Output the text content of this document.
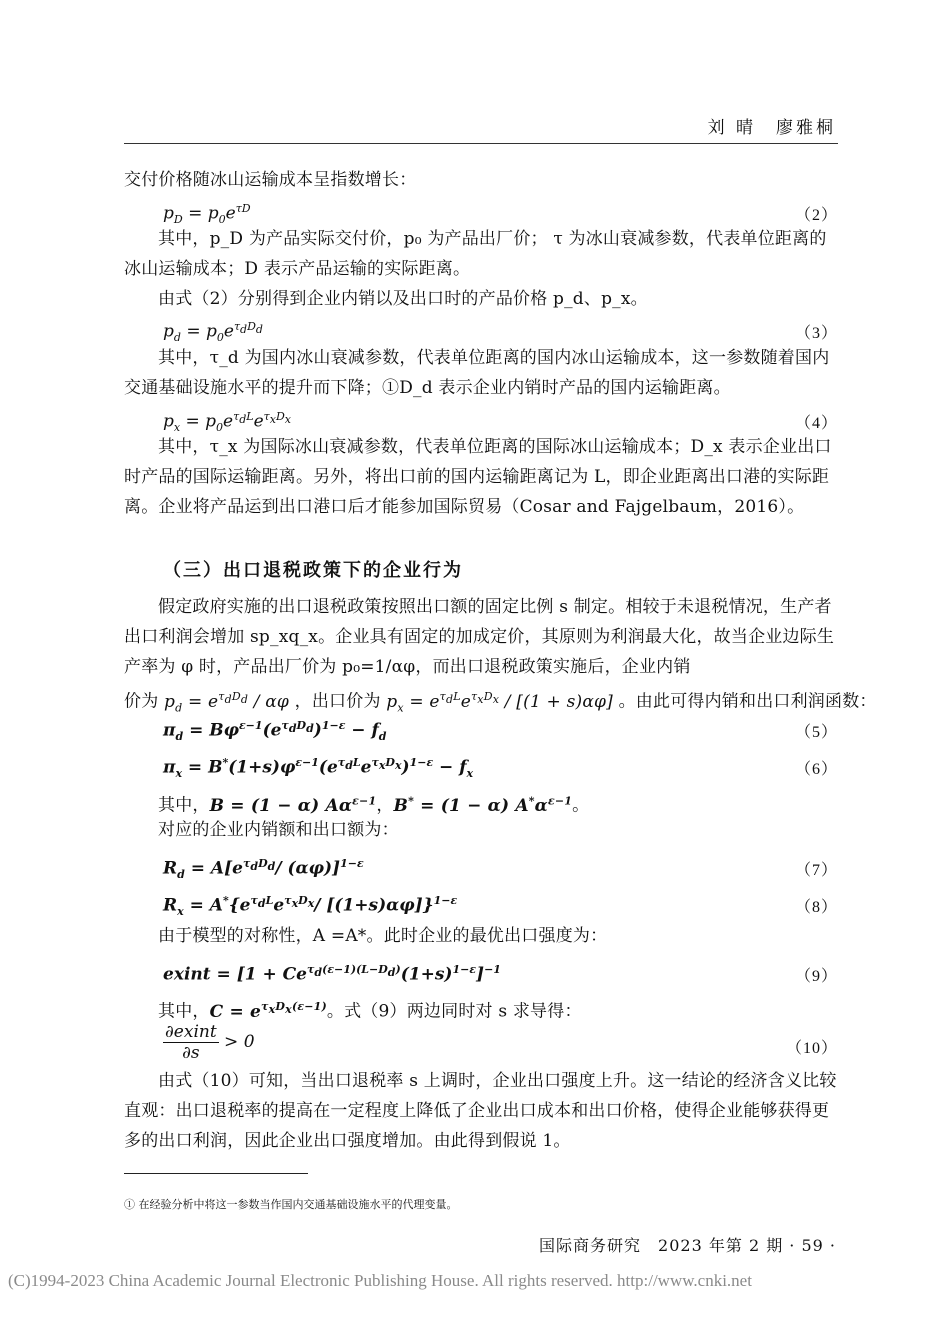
刘 晴　廖雅桐
交付价格随冰山运输成本呈指数增长：
$p_D = p_0e^{\tau D}$	（2）
其中，p_D 为产品实际交付价，p₀ 为产品出厂价； τ 为冰山衰减参数，代表单位距离的冰山运输成本；D 表示产品运输的实际距离。
由式（2）分别得到企业内销以及出口时的产品价格 p_d、p_x。
$p_d = p_0e^{\tau_dD_d}$	（3）
其中，τ_d 为国内冰山衰减参数，代表单位距离的国内冰山运输成本，这一参数随着国内交通基础设施水平的提升而下降；①D_d 表示企业内销时产品的国内运输距离。
$p_x = p_0e^{\tau_dL}e^{\tau_xD_x}$	（4）
其中，τ_x 为国际冰山衰减参数，代表单位距离的国际冰山运输成本；D_x 表示企业出口时产品的国际运输距离。另外，将出口前的国内运输距离记为 L，即企业距离出口港的实际距离。企业将产品运到出口港口后才能参加国际贸易（Cosar and Fajgelbaum，2016）。
（三）出口退税政策下的企业行为
假定政府实施的出口退税政策按照出口额的固定比例 s 制定。相较于未退税情况，生产者出口利润会增加 sp_xq_x。企业具有固定的加成定价，其原则为利润最大化，故当企业边际生产率为 φ 时，产品出厂价为 p₀=1/αφ，而出口退税政策实施后，企业内销
价为 $p_d = e^{\tau_dD_d} / \alpha\varphi$ ，出口价为 $p_x = e^{\tau_dL}e^{\tau_xD_x} / [(1 + s)\alpha\varphi]$ 。由此可得内销和出口利润函数：
$\pi_d = B\varphi^{\varepsilon-1}(e^{\tau_dD_d})^{1-\varepsilon} - f_d$	（5）
$\pi_x = B^*(1+s)\varphi^{\varepsilon-1}(e^{\tau_dL}e^{\tau_xD_x})^{1-\varepsilon} - f_x$	（6）
其中，B = (1 − α) $A\alpha^{\varepsilon-1}$，B* = (1 − α) $A^*\alpha^{\varepsilon-1}$。
对应的企业内销额和出口额为：
$R_d = A[e^{\tau_dD_d}/$ (αφ)]$^{1-\varepsilon}$	（7）
$R_x = A^*\{e^{\tau_dL}e^{\tau_xD_x}/$ [(1+s)αφ]}$^{1-\varepsilon}$	（8）
由于模型的对称性，A =A*。此时企业的最优出口强度为：
exint = $[1 + Ce^{\tau_d(\varepsilon-1)(L-D_d)}(1+s)^{1-\varepsilon}]^{-1}$	（9）
其中，$C = e^{\tau_xD_x(\varepsilon-1)}$。式（9）两边同时对 s 求导得：
$\frac{\text{∂exint}}{\partial s} > 0$	（10）
由式（10）可知，当出口退税率 s 上调时，企业出口强度上升。这一结论的经济含义比较直观：出口退税率的提高在一定程度上降低了企业出口成本和出口价格，使得企业能够获得更多的出口利润，因此企业出口强度增加。由此得到假说 1。
① 在经验分析中将这一参数当作国内交通基础设施水平的代理变量。
国际商务研究　2023 年第 2 期 · 59 ·
(C)1994-2023 China Academic Journal Electronic Publishing House. All rights reserved. http://www.cnki.net
